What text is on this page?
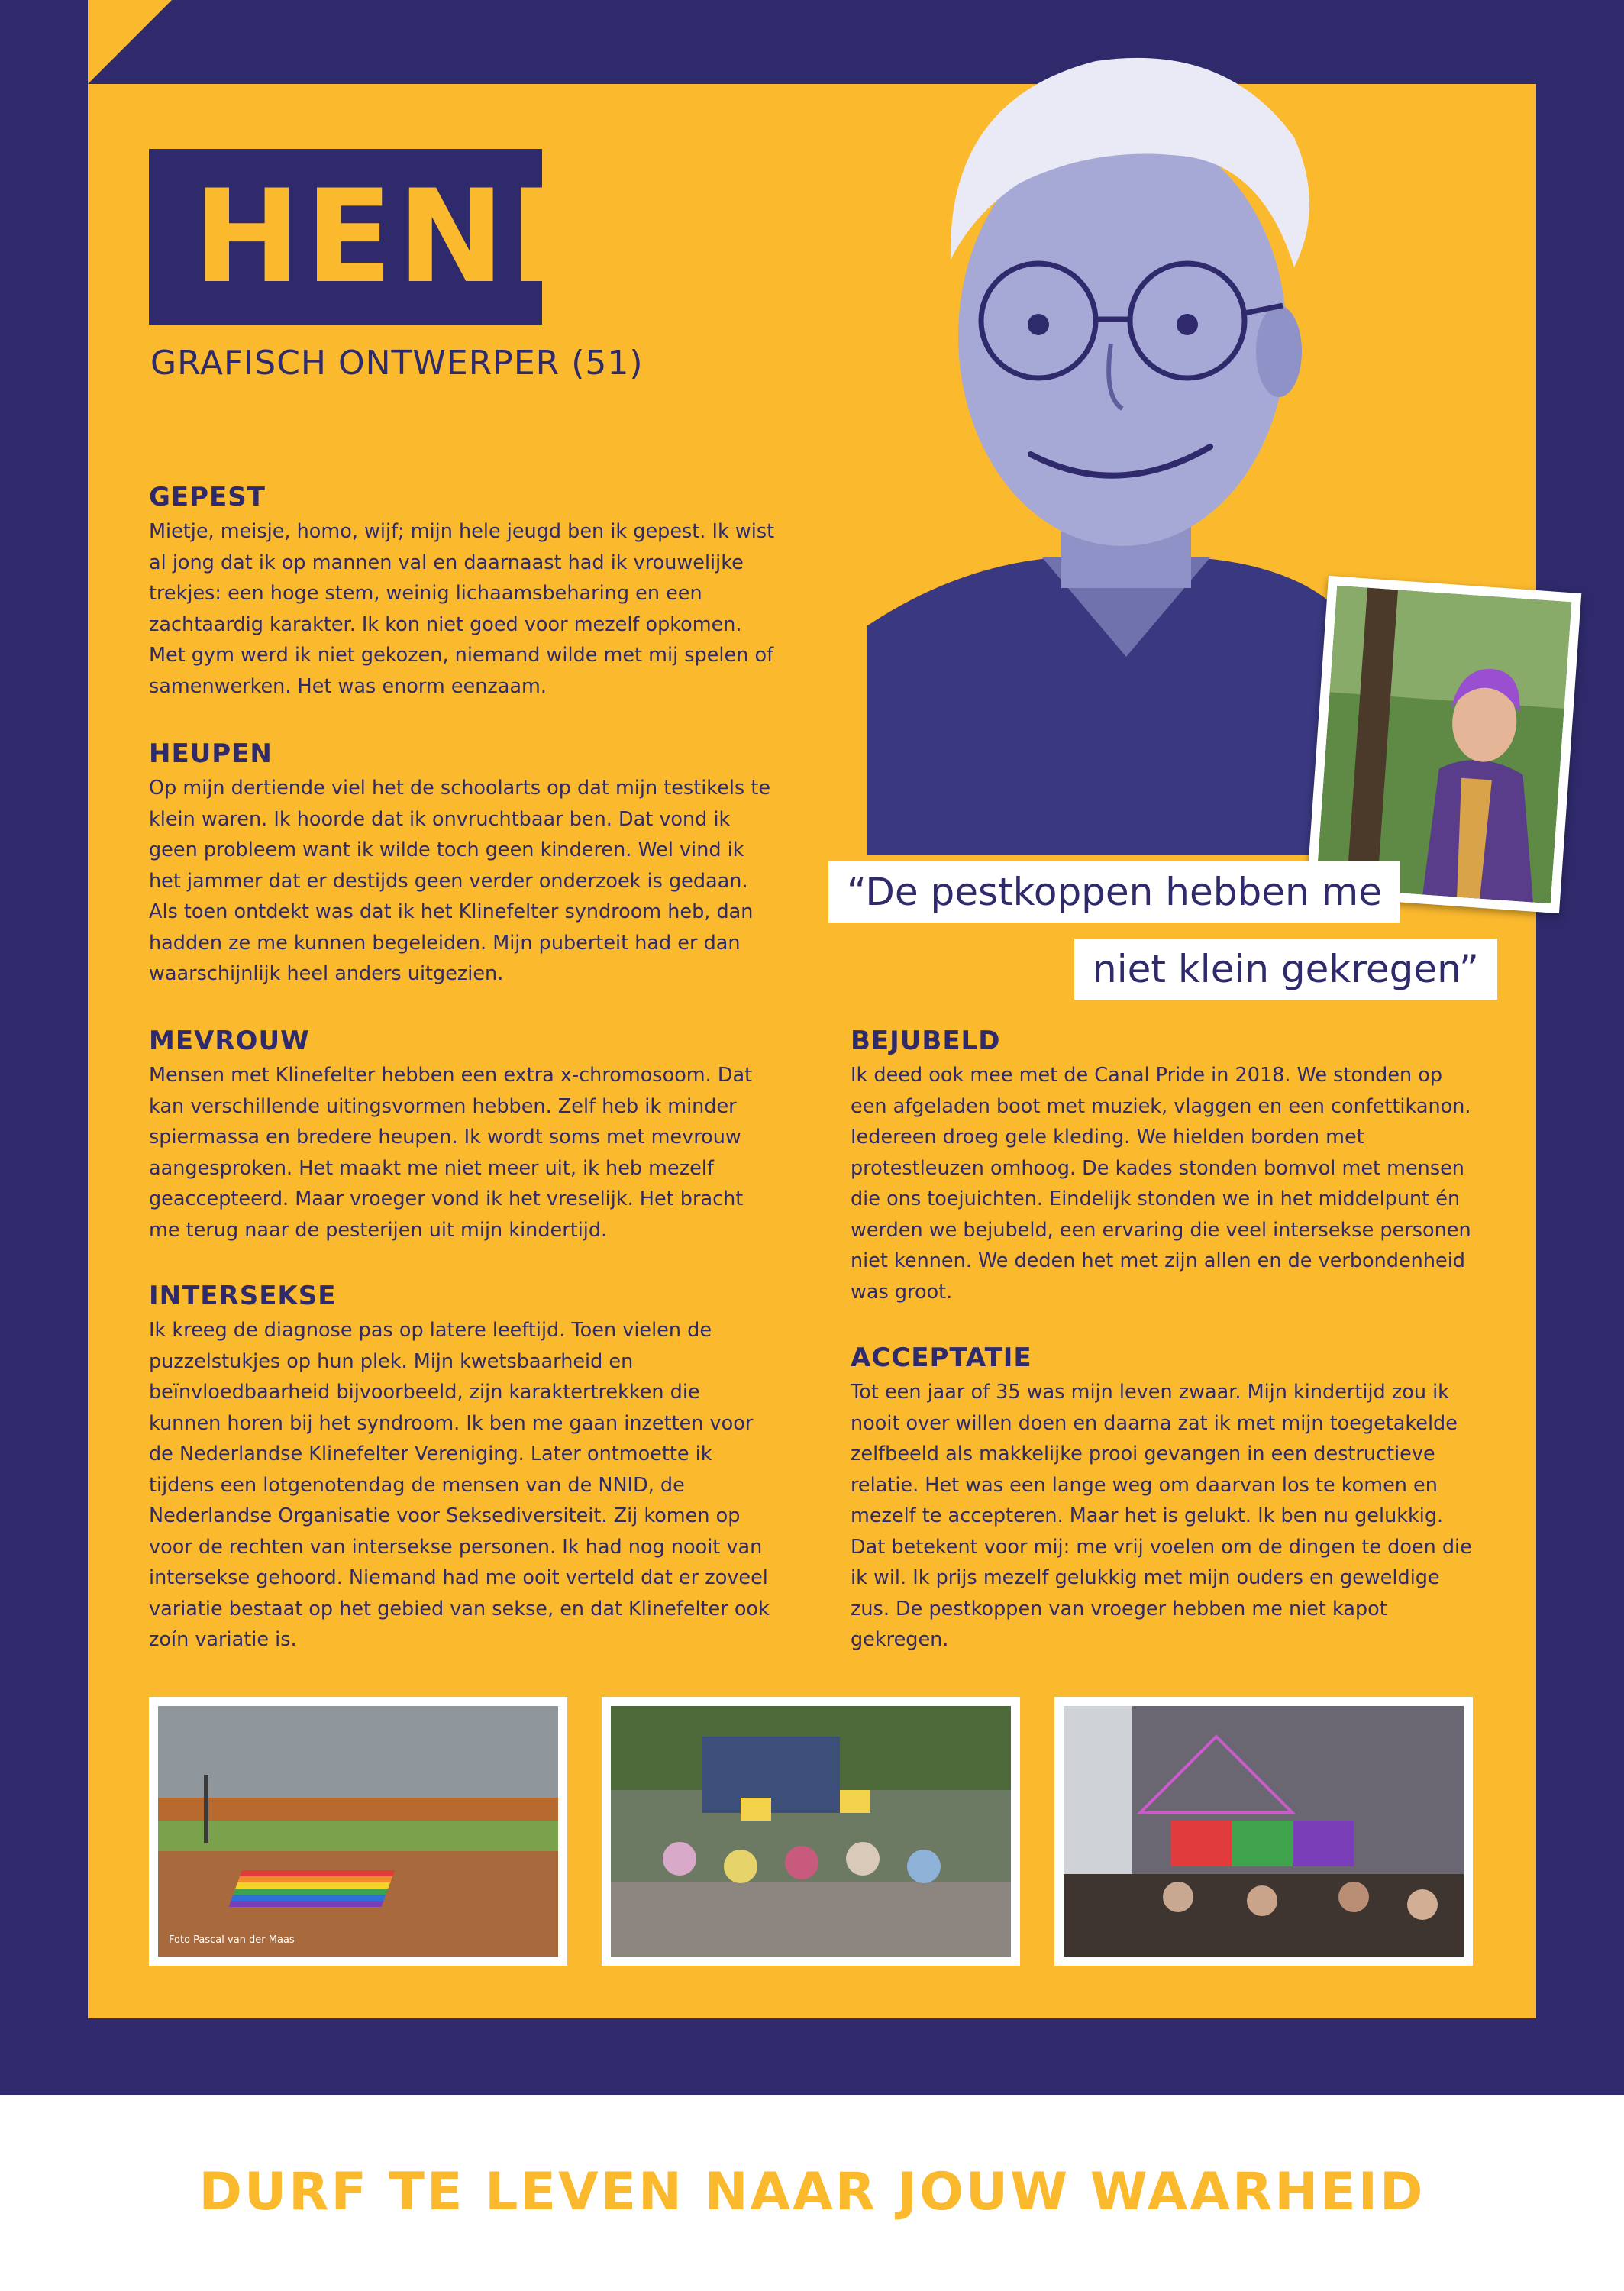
HENK
GRAFISCH ONTWERPER (51)
GEPEST

Mietje, meisje, homo, wijf; mijn hele jeugd ben ik gepest. Ik wist al jong dat ik op mannen val en daarnaast had ik vrouwelijke trekjes: een hoge stem, weinig lichaamsbeharing en een zachtaardig karakter. Ik kon niet goed voor mezelf opkomen. Met gym werd ik niet gekozen, niemand wilde met mij spelen of samenwerken. Het was enorm eenzaam.

HEUPEN

Op mijn dertiende viel het de schoolarts op dat mijn testikels te klein waren. Ik hoorde dat ik onvruchtbaar ben. Dat vond ik geen probleem want ik wilde toch geen kinderen. Wel vind ik het jammer dat er destijds geen verder onderzoek is gedaan. Als toen ontdekt was dat ik het Klinefelter syndroom heb, dan hadden ze me kunnen begeleiden. Mijn puberteit had er dan waarschijnlijk heel anders uitgezien.

MEVROUW

Mensen met Klinefelter hebben een extra x-chromosoom. Dat kan verschillende uitingsvormen hebben. Zelf heb ik minder spiermassa en bredere heupen. Ik wordt soms met mevrouw aangesproken. Het maakt me niet meer uit, ik heb mezelf geaccepteerd. Maar vroeger vond ik het vreselijk. Het bracht me terug naar de pesterijen uit mijn kindertijd.

INTERSEKSE

Ik kreeg de diagnose pas op latere leeftijd. Toen vielen de puzzelstukjes op hun plek. Mijn kwetsbaarheid en beïnvloedbaarheid bijvoorbeeld, zijn karaktertrekken die kunnen horen bij het syndroom. Ik ben me gaan inzetten voor de Nederlandse Klinefelter Vereniging. Later ontmoette ik tijdens een lotgenotendag de mensen van de NNID, de Nederlandse Organisatie voor Seksediversiteit. Zij komen op voor de rechten van intersekse personen. Ik had nog nooit van intersekse gehoord. Niemand had me ooit verteld dat er zoveel variatie bestaat op het gebied van sekse, en dat Klinefelter ook zoín variatie is.

BEJUBELD

Ik deed ook mee met de Canal Pride in 2018. We stonden op een afgeladen boot met muziek, vlaggen en een confettikanon. Iedereen droeg gele kleding. We hielden borden met protestleuzen omhoog. De kades stonden bomvol met mensen die ons toejuichten. Eindelijk stonden we in het middelpunt én werden we bejubeld, een ervaring die veel intersekse personen niet kennen. We deden het met zijn allen en de verbondenheid was groot.

ACCEPTATIE

Tot een jaar of 35 was mijn leven zwaar. Mijn kindertijd zou ik nooit over willen doen en daarna zat ik met mijn toegetakelde zelfbeeld als makkelijke prooi gevangen in een destructieve relatie. Het was een lange weg om daarvan los te komen en mezelf te accepteren. Maar het is gelukt. Ik ben nu gelukkig. Dat betekent voor mij: me vrij voelen om de dingen te doen die ik wil. Ik prijs mezelf gelukkig met mijn ouders en geweldige zus. De pestkoppen van vroeger hebben me niet kapot gekregen.

“De pestkoppen hebben me
niet klein gekregen”
Foto Pascal van der Maas
DURF TE LEVEN NAAR JOUW WAARHEID
